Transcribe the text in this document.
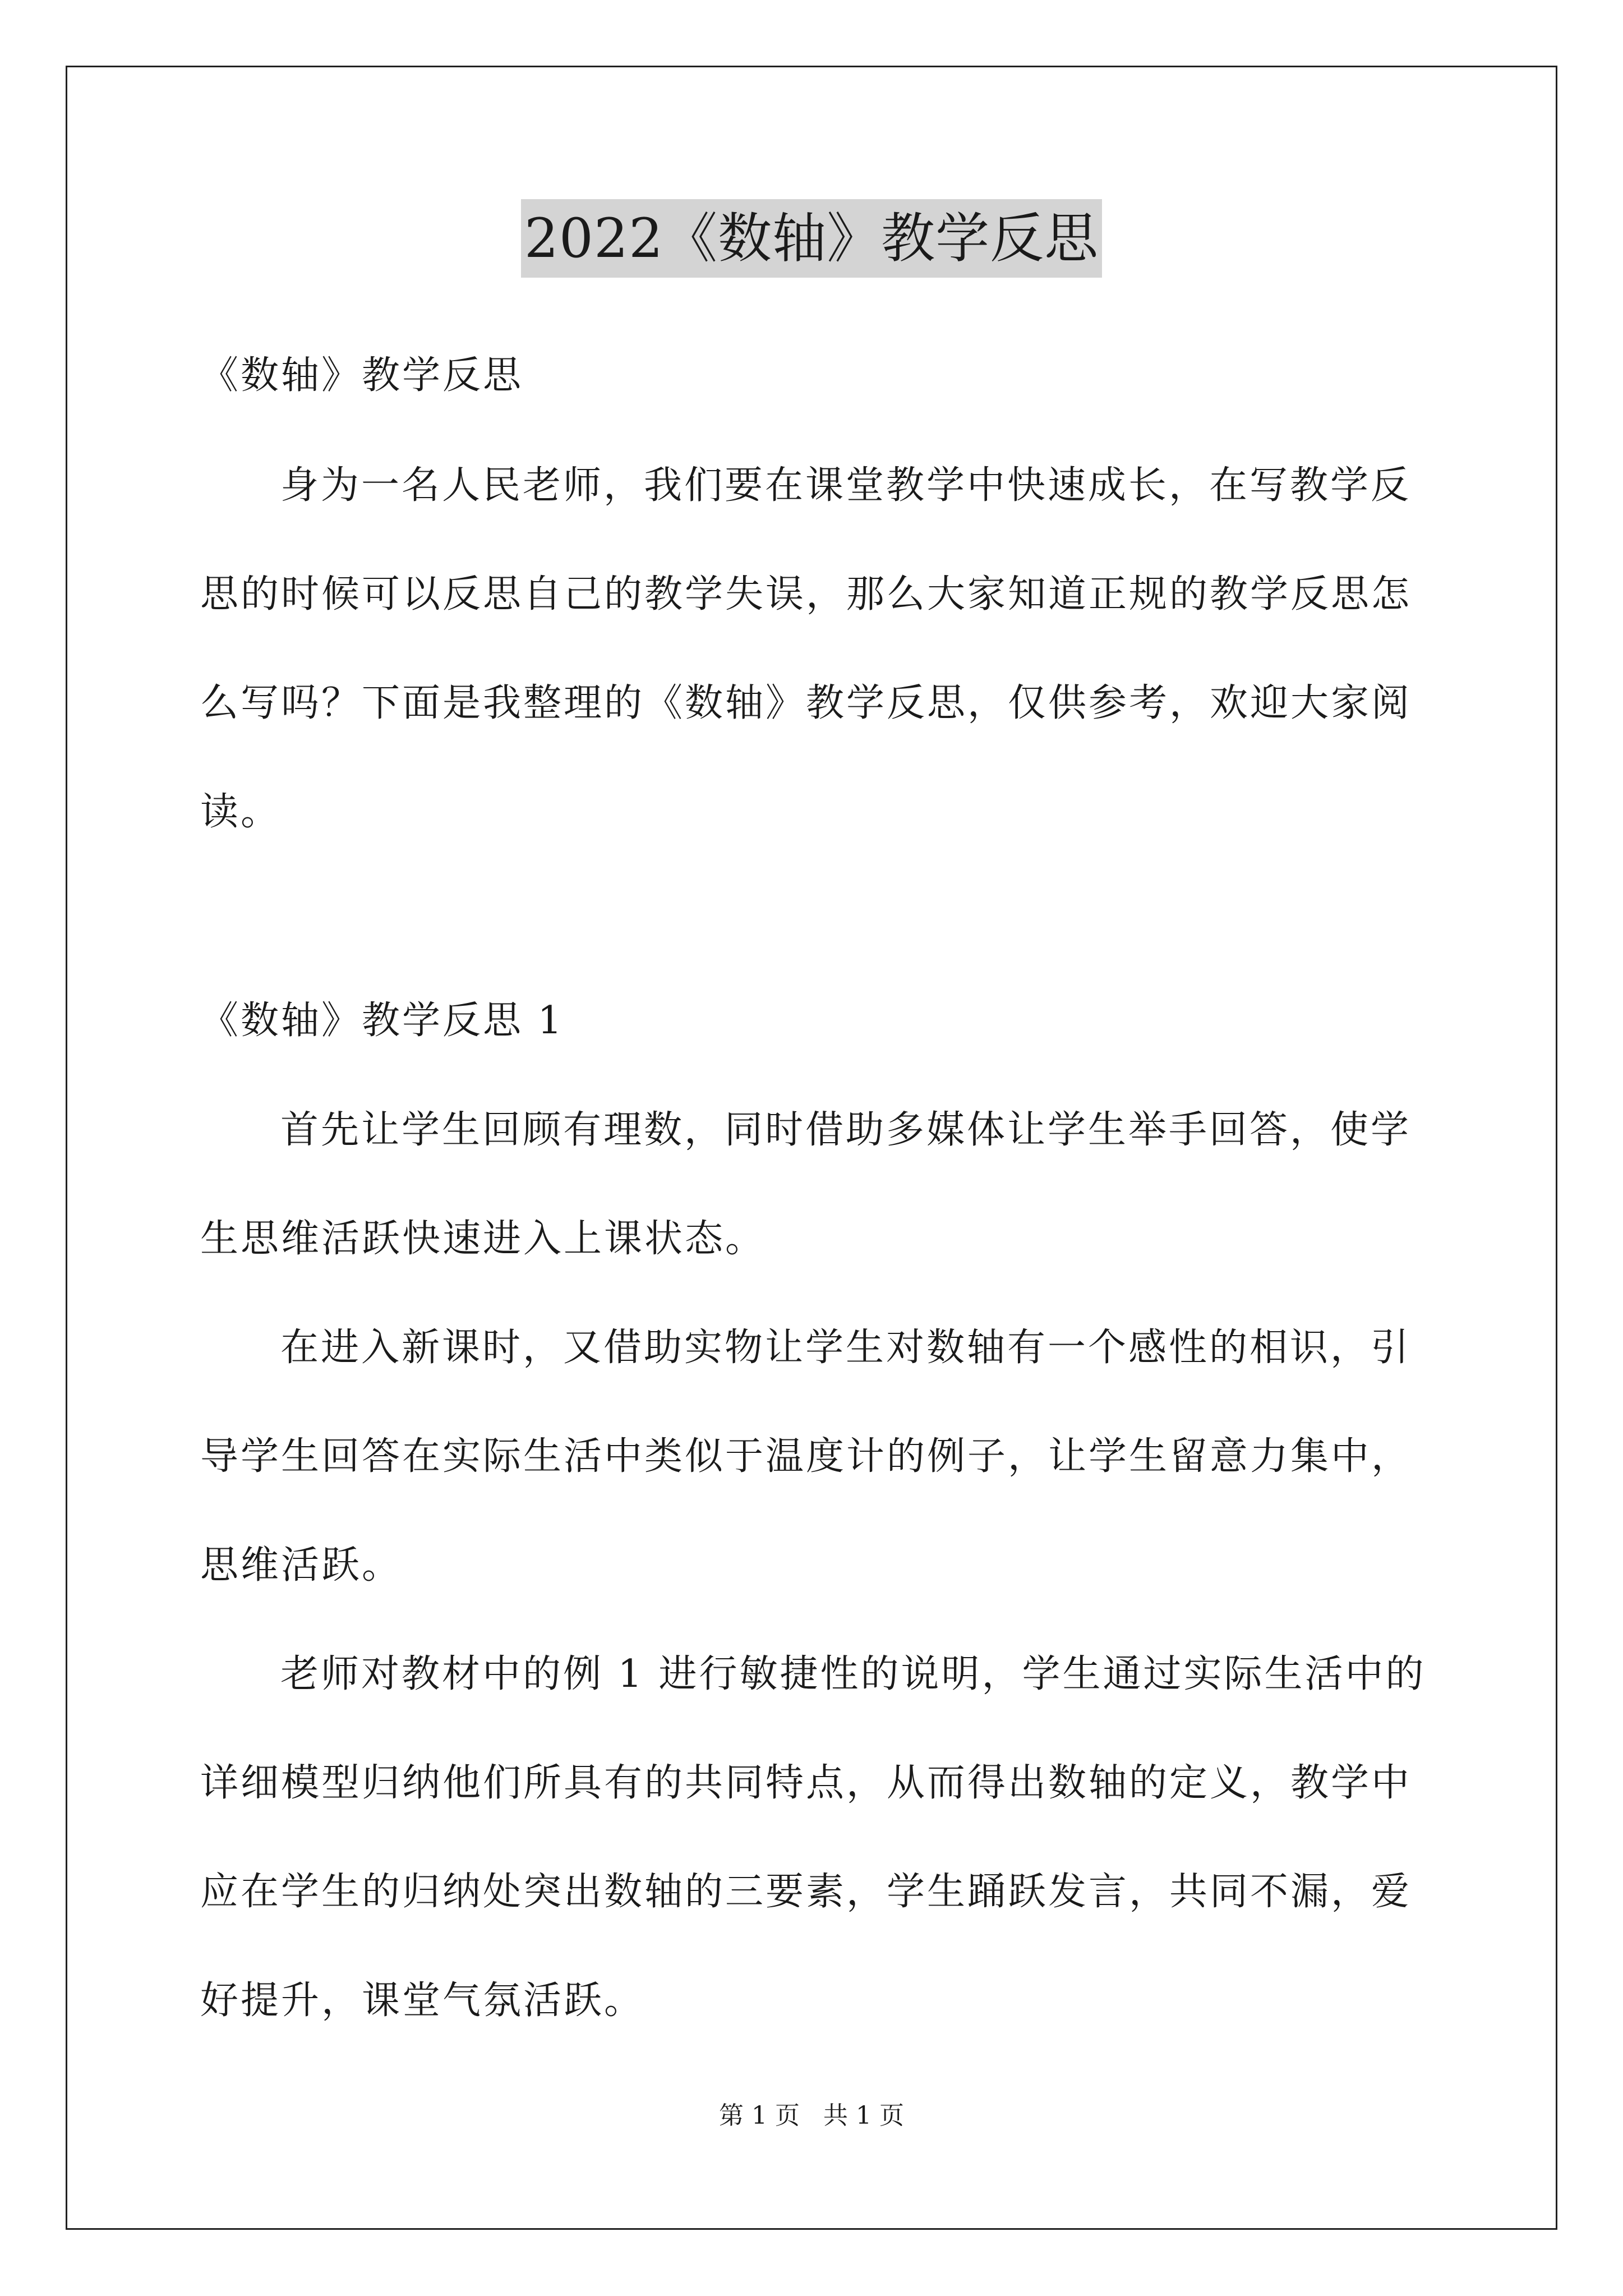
2022《数轴》教学反思
《数轴》教学反思
身为一名人民老师，我们要在课堂教学中快速成长，在写教学反
思的时候可以反思自己的教学失误，那么大家知道正规的教学反思怎
么写吗？下面是我整理的《数轴》教学反思，仅供参考，欢迎大家阅
读。
《数轴》教学反思 1
首先让学生回顾有理数，同时借助多媒体让学生举手回答，使学
生思维活跃快速进入上课状态。
在进入新课时，又借助实物让学生对数轴有一个感性的相识，引
导学生回答在实际生活中类似于温度计的例子，让学生留意力集中，
思维活跃。
老师对教材中的例 1 进行敏捷性的说明，学生通过实际生活中的
详细模型归纳他们所具有的共同特点，从而得出数轴的定义，教学中
应在学生的归纳处突出数轴的三要素，学生踊跃发言，共同不漏，爱
好提升，课堂气氛活跃。
第 1 页 共 1 页
